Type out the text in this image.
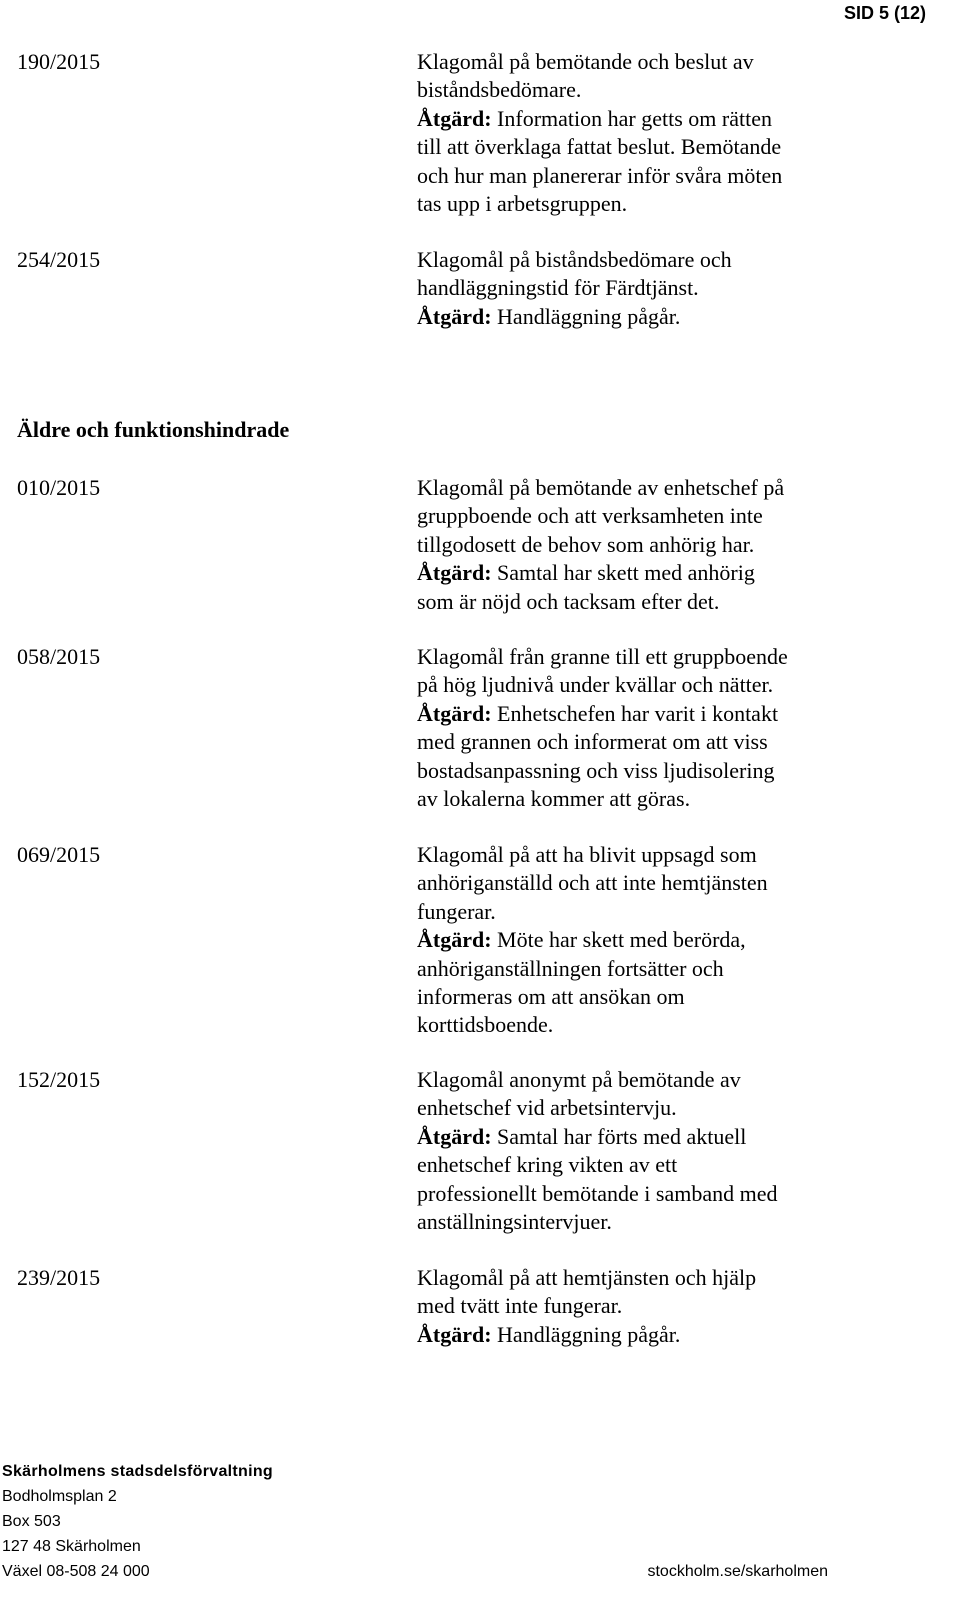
SID 5 (12)
190/2015	Klagomål på bemötande och beslut av
biståndsbedömare.
Åtgärd: Information har getts om rätten
till att överklaga fattat beslut. Bemötande
och hur man planererar inför svåra möten
tas upp i arbetsgruppen.
254/2015	Klagomål på biståndsbedömare och
handläggningstid för Färdtjänst.
Åtgärd: Handläggning pågår.
010/2015	Klagomål på bemötande av enhetschef på
gruppboende och att verksamheten inte
tillgodosett de behov som anhörig har.
Åtgärd: Samtal har skett med anhörig
som är nöjd och tacksam efter det.
058/2015	Klagomål från granne till ett gruppboende
på hög ljudnivå under kvällar och nätter.
Åtgärd: Enhetschefen har varit i kontakt
med grannen och informerat om att viss
bostadsanpassning och viss ljudisolering
av lokalerna kommer att göras.
069/2015	Klagomål på att ha blivit uppsagd som
anhöriganställd och att inte hemtjänsten
fungerar.
Åtgärd: Möte har skett med berörda,
anhöriganställningen fortsätter och
informeras om att ansökan om
korttidsboende.
152/2015	Klagomål anonymt på bemötande av
enhetschef vid arbetsintervju.
Åtgärd: Samtal har förts med aktuell
enhetschef kring vikten av ett
professionellt bemötande i samband med
anställningsintervjuer.
239/2015	Klagomål på att hemtjänsten och hjälp
med tvätt inte fungerar.
Åtgärd: Handläggning pågår.
Äldre och funktionshindrade
Skärholmens stadsdelsförvaltning
Bodholmsplan 2
Box 503
127 48 Skärholmen
Växel 08-508 24 000	stockholm.se/skarholmen
